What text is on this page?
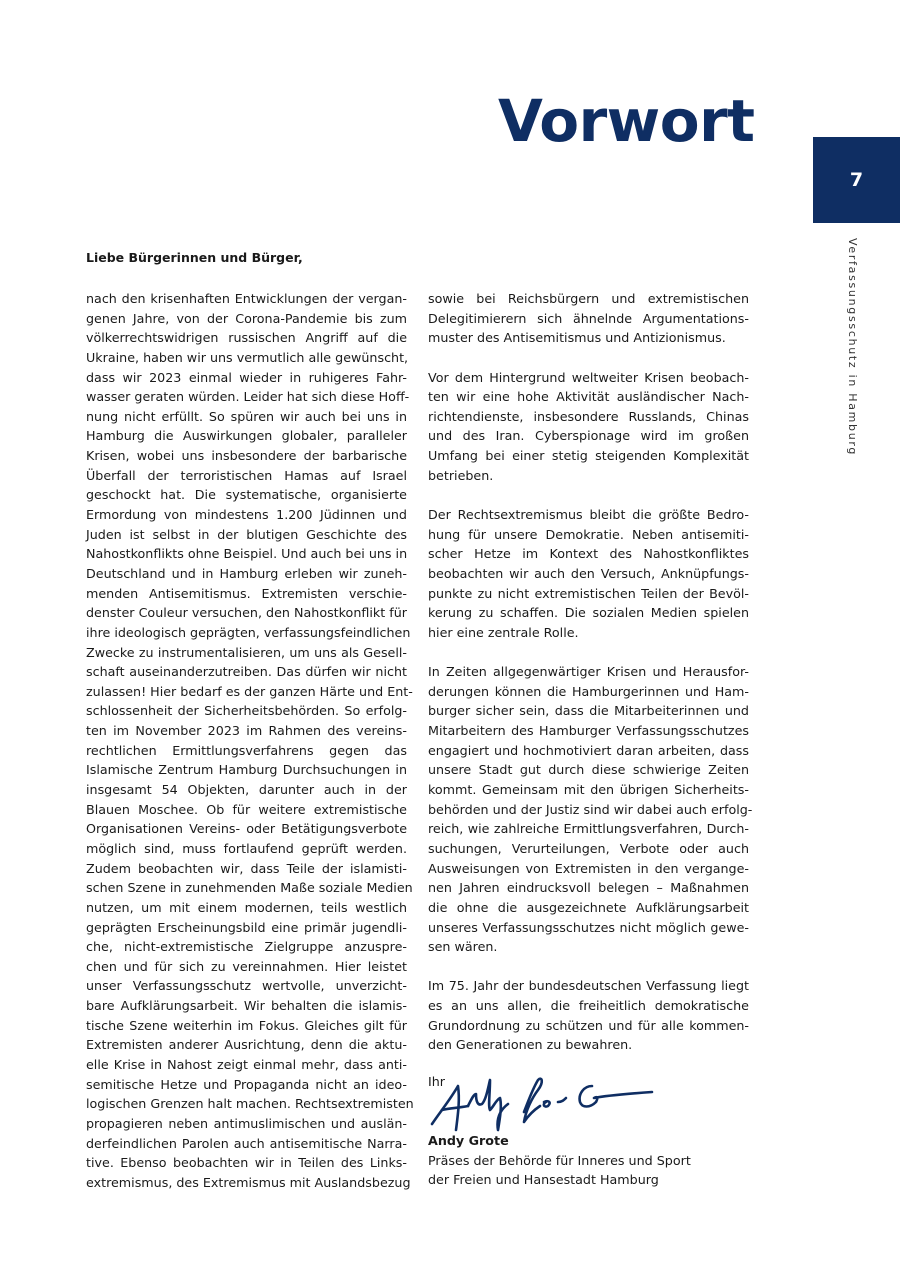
Vorwort
7
Verfassungsschutz in Hamburg
Liebe Bürgerinnen und Bürger,
nach den krisenhaften Entwicklungen der vergan-
genen Jahre, von der Corona-Pandemie bis zum
völkerrechtswidrigen russischen Angriff auf die
Ukraine, haben wir uns vermutlich alle gewünscht,
dass wir 2023 einmal wieder in ruhigeres Fahr-
wasser geraten würden. Leider hat sich diese Hoff-
nung nicht erfüllt. So spüren wir auch bei uns in
Hamburg die Auswirkungen globaler, paralleler
Krisen, wobei uns insbesondere der barbarische
Überfall der terroristischen Hamas auf Israel
geschockt hat. Die systematische, organisierte
Ermordung von mindestens 1.200 Jüdinnen und
Juden ist selbst in der blutigen Geschichte des
Nahostkonflikts ohne Beispiel. Und auch bei uns in
Deutschland und in Hamburg erleben wir zuneh-
menden Antisemitismus. Extremisten verschie-
denster Couleur versuchen, den Nahostkonflikt für
ihre ideologisch geprägten, verfassungsfeindlichen
Zwecke zu instrumentalisieren, um uns als Gesell-
schaft auseinanderzutreiben. Das dürfen wir nicht
zulassen! Hier bedarf es der ganzen Härte und Ent-
schlossenheit der Sicherheitsbehörden. So erfolg-
ten im November 2023 im Rahmen des vereins-
rechtlichen Ermittlungsverfahrens gegen das
Islamische Zentrum Hamburg Durchsuchungen in
insgesamt 54 Objekten, darunter auch in der
Blauen Moschee. Ob für weitere extremistische
Organisationen Vereins- oder Betätigungsverbote
möglich sind, muss fortlaufend geprüft werden.
Zudem beobachten wir, dass Teile der islamisti-
schen Szene in zunehmenden Maße soziale Medien
nutzen, um mit einem modernen, teils westlich
geprägten Erscheinungsbild eine primär jugendli-
che, nicht-extremistische Zielgruppe anzuspre-
chen und für sich zu vereinnahmen. Hier leistet
unser Verfassungsschutz wertvolle, unverzicht-
bare Aufklärungsarbeit. Wir behalten die islamis-
tische Szene weiterhin im Fokus. Gleiches gilt für
Extremisten anderer Ausrichtung, denn die aktu-
elle Krise in Nahost zeigt einmal mehr, dass anti-
semitische Hetze und Propaganda nicht an ideo-
logischen Grenzen halt machen. Rechtsextremisten
propagieren neben antimuslimischen und auslän-
derfeindlichen Parolen auch antisemitische Narra-
tive. Ebenso beobachten wir in Teilen des Links-
extremismus, des Extremismus mit Auslandsbezug
sowie bei Reichsbürgern und extremistischen
Delegitimierern sich ähnelnde Argumentations-
muster des Antisemitismus und Antizionismus.
Vor dem Hintergrund weltweiter Krisen beobach-
ten wir eine hohe Aktivität ausländischer Nach-
richtendienste, insbesondere Russlands, Chinas
und des Iran. Cyberspionage wird im großen
Umfang bei einer stetig steigenden Komplexität
betrieben.
Der Rechtsextremismus bleibt die größte Bedro-
hung für unsere Demokratie. Neben antisemiti-
scher Hetze im Kontext des Nahostkonfliktes
beobachten wir auch den Versuch, Anknüpfungs-
punkte zu nicht extremistischen Teilen der Bevöl-
kerung zu schaffen. Die sozialen Medien spielen
hier eine zentrale Rolle.
In Zeiten allgegenwärtiger Krisen und Herausfor-
derungen können die Hamburgerinnen und Ham-
burger sicher sein, dass die Mitarbeiterinnen und
Mitarbeitern des Hamburger Verfassungsschutzes
engagiert und hochmotiviert daran arbeiten, dass
unsere Stadt gut durch diese schwierige Zeiten
kommt. Gemeinsam mit den übrigen Sicherheits-
behörden und der Justiz sind wir dabei auch erfolg-
reich, wie zahlreiche Ermittlungsverfahren, Durch-
suchungen, Verurteilungen, Verbote oder auch
Ausweisungen von Extremisten in den vergange-
nen Jahren eindrucksvoll belegen – Maßnahmen
die ohne die ausgezeichnete Aufklärungsarbeit
unseres Verfassungsschutzes nicht möglich gewe-
sen wären.
Im 75. Jahr der bundesdeutschen Verfassung liegt
es an uns allen, die freiheitlich demokratische
Grundordnung zu schützen und für alle kommen-
den Generationen zu bewahren.
Ihr
Andy Grote
Präses der Behörde für Inneres und Sport
der Freien und Hansestadt Hamburg
